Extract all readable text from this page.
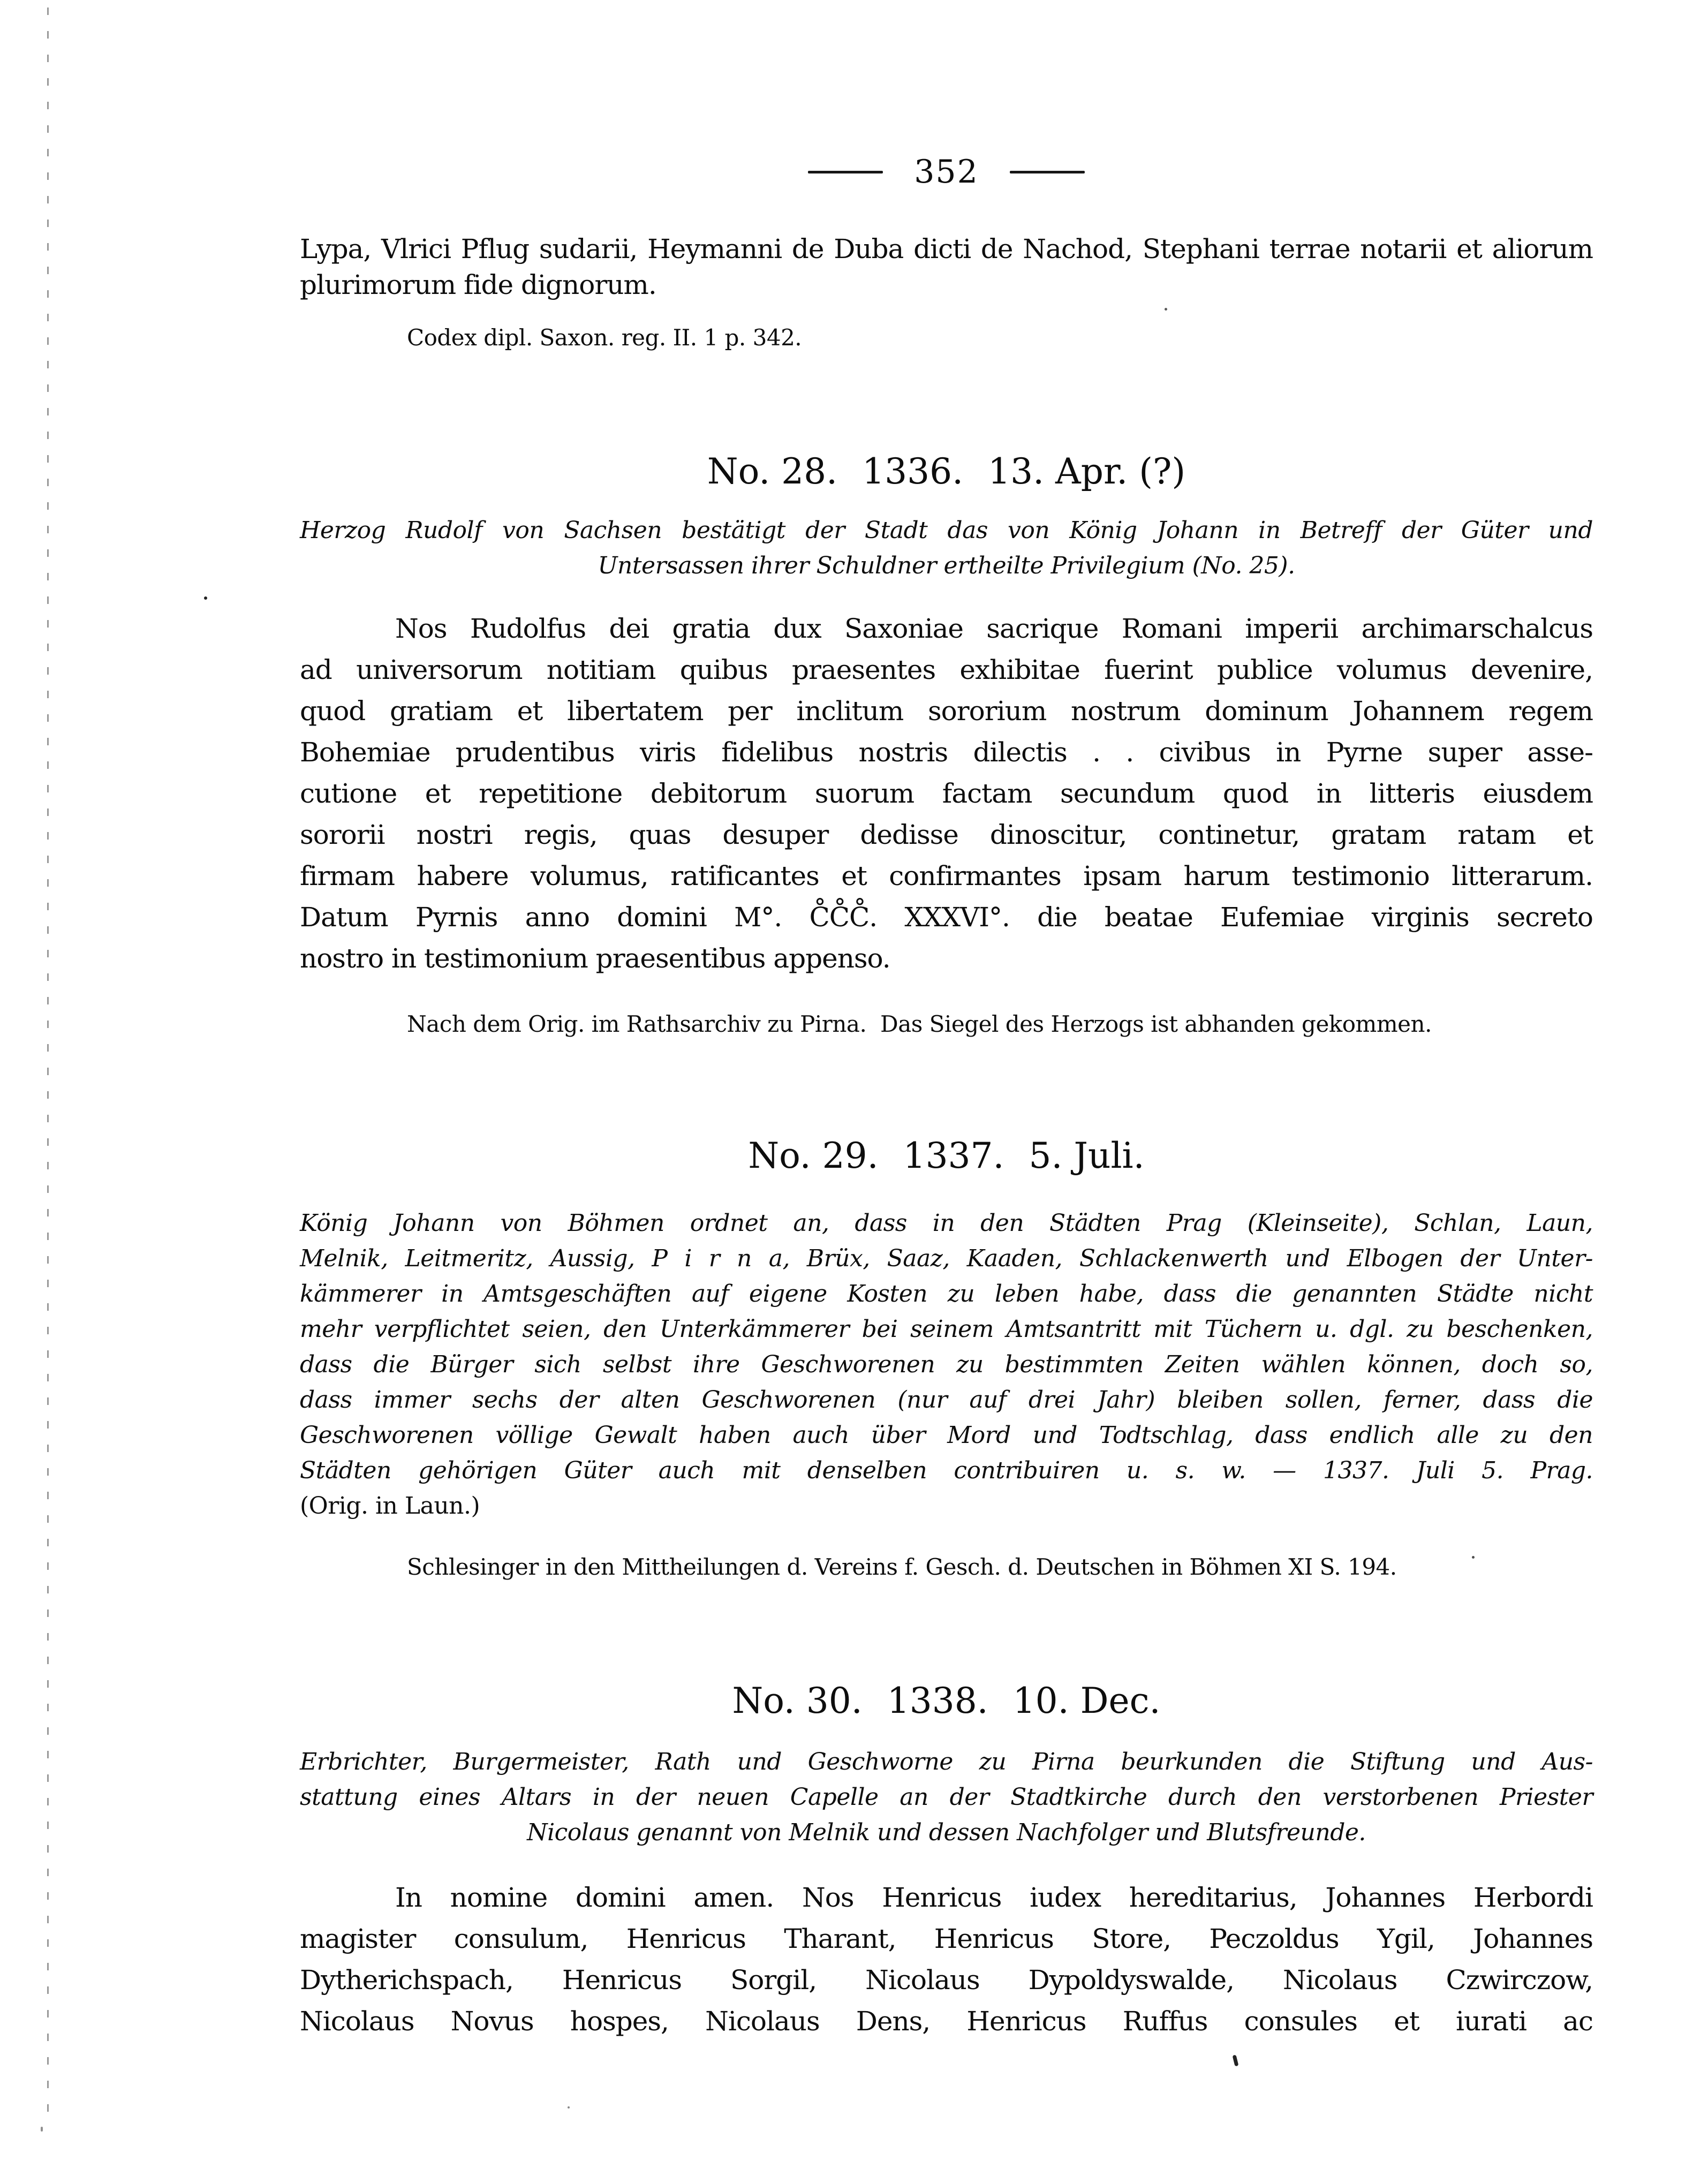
352
Lypa, Vlrici Pflug sudarii, Heymanni de Duba dicti de Nachod, Stephani terrae notarii et aliorum
plurimorum fide dignorum.
Codex dipl. Saxon. reg. II. 1 p. 342.
No. 28. 1336. 13. Apr. (?)
Herzog Rudolf von Sachsen bestätigt der Stadt das von König Johann in Betreff der Güter und
Untersassen ihrer Schuldner ertheilte Privilegium (No. 25).
Nos Rudolfus dei gratia dux Saxoniae sacrique Romani imperii archimarschalcus
ad universorum notitiam quibus praesentes exhibitae fuerint publice volumus devenire,
quod gratiam et libertatem per inclitum sororium nostrum dominum Johannem regem
Bohemiae prudentibus viris fidelibus nostris dilectis . . civibus in Pyrne super asse-
cutione et repetitione debitorum suorum factam secundum quod in litteris eiusdem
sororii nostri regis, quas desuper dedisse dinoscitur, continetur, gratam ratam et
firmam habere volumus, ratificantes et confirmantes ipsam harum testimonio litterarum.
Datum Pyrnis anno domini M°. C̊C̊C̊. XXXVI°. die beatae Eufemiae virginis secreto
nostro in testimonium praesentibus appenso.
Nach dem Orig. im Rathsarchiv zu Pirna.  Das Siegel des Herzogs ist abhanden gekommen.
No. 29. 1337. 5. Juli.
König Johann von Böhmen ordnet an, dass in den Städten Prag (Kleinseite), Schlan, Laun,
Melnik, Leitmeritz, Aussig, P i r n a, Brüx, Saaz, Kaaden, Schlackenwerth und Elbogen der Unter-
kämmerer in Amtsgeschäften auf eigene Kosten zu leben habe, dass die genannten Städte nicht
mehr verpflichtet seien, den Unterkämmerer bei seinem Amtsantritt mit Tüchern u. dgl. zu beschenken,
dass die Bürger sich selbst ihre Geschworenen zu bestimmten Zeiten wählen können, doch so,
dass immer sechs der alten Geschworenen (nur auf drei Jahr) bleiben sollen, ferner, dass die
Geschworenen völlige Gewalt haben auch über Mord und Todtschlag, dass endlich alle zu den
Städten gehörigen Güter auch mit denselben contribuiren u. s. w. — 1337. Juli 5. Prag.
(Orig. in Laun.)
Schlesinger in den Mittheilungen d. Vereins f. Gesch. d. Deutschen in Böhmen XI S. 194.
No. 30. 1338. 10. Dec.
Erbrichter, Burgermeister, Rath und Geschworne zu Pirna beurkunden die Stiftung und Aus-
stattung eines Altars in der neuen Capelle an der Stadtkirche durch den verstorbenen Priester
Nicolaus genannt von Melnik und dessen Nachfolger und Blutsfreunde.
In nomine domini amen. Nos Henricus iudex hereditarius, Johannes Herbordi
magister consulum, Henricus Tharant, Henricus Store, Peczoldus Ygil, Johannes
Dytherichspach, Henricus Sorgil, Nicolaus Dypoldyswalde, Nicolaus Czwirczow,
Nicolaus Novus hospes, Nicolaus Dens, Henricus Ruffus consules et iurati ac
